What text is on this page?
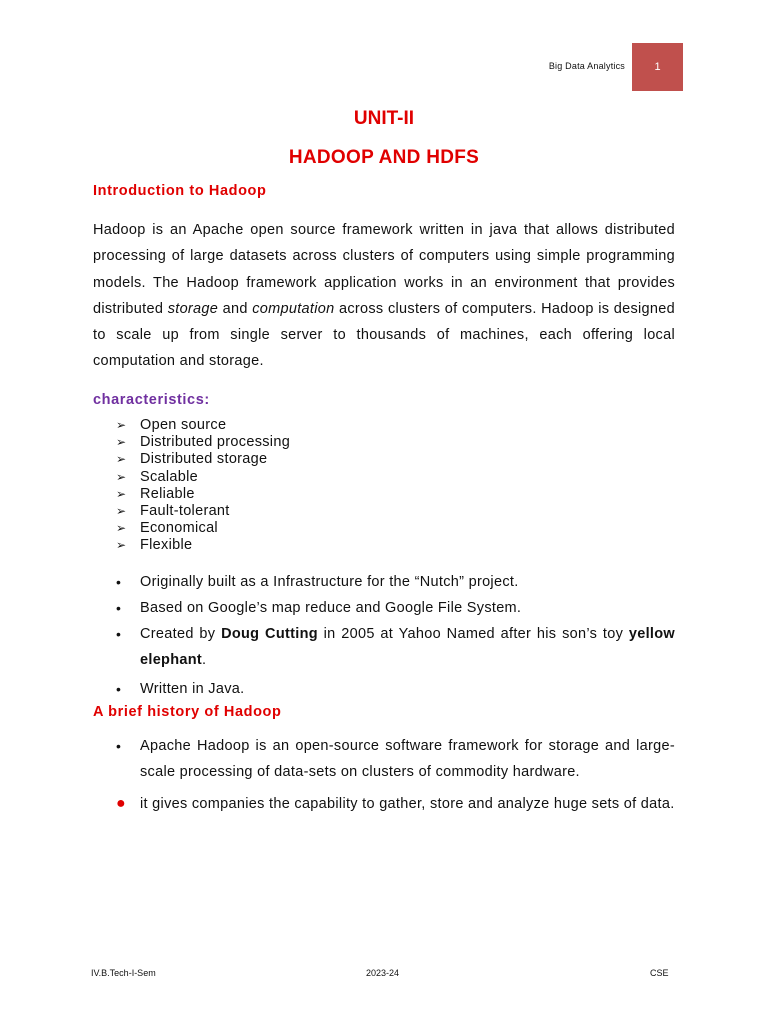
Big Data Analytics	1
UNIT-II
HADOOP AND HDFS
Introduction to Hadoop

Hadoop is an Apache open source framework written in java that allows distributed processing of large datasets across clusters of computers using simple programming models. The Hadoop framework application works in an environment that provides distributed storage and computation across clusters of computers. Hadoop is designed to scale up from single server to thousands of machines, each offering local computation and storage.

characteristics:
➢ Open source
➢ Distributed processing
➢ Distributed storage
➢ Scalable
➢ Reliable
➢ Fault-tolerant
➢ Economical
➢ Flexible
•	Originally built as a Infrastructure for the “Nutch” project.
•	Based on Google’s map reduce and Google File System.
•	Created by Doug Cutting in 2005 at Yahoo Named after his son’s toy yellow elephant.
•	Written in Java.
A brief history of Hadoop
•	Apache Hadoop is an open-source software framework for storage and large-scale processing of data-sets on clusters of commodity hardware.
● it gives companies the capability to gather, store and analyze huge sets of data.
IV.B.Tech-I-Sem	2023-24	CSE
